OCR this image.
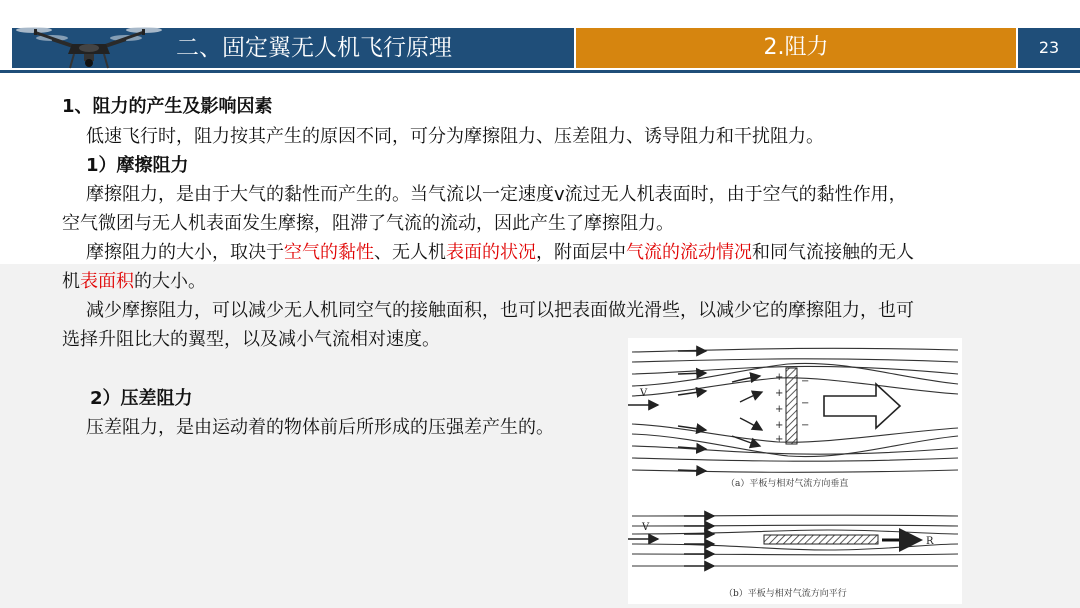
二、固定翼无人机飞行原理	2.阻力	23
1、阻力的产生及影响因素
低速飞行时，阻力按其产生的原因不同，可分为摩擦阻力、压差阻力、诱导阻力和干扰阻力。
1）摩擦阻力
摩擦阻力，是由于大气的黏性而产生的。当气流以一定速度v流过无人机表面时，由于空气的黏性作用，
空气微团与无人机表面发生摩擦，阻滞了气流的流动，因此产生了摩擦阻力。
摩擦阻力的大小，取决于空气的黏性、无人机表面的状况，附面层中气流的流动情况和同气流接触的无人
机表面积的大小。
减少摩擦阻力，可以减少无人机同空气的接触面积，也可以把表面做光滑些，以减少它的摩擦阻力，也可
选择升阻比大的翼型，以及减小气流相对速度。
2）压差阻力
压差阻力，是由运动着的物体前后所形成的压强差产生的。
V
+
+
+
+
+
−
−
−
（a）平板与相对气流方向垂直
V
R
（b）平板与相对气流方向平行
